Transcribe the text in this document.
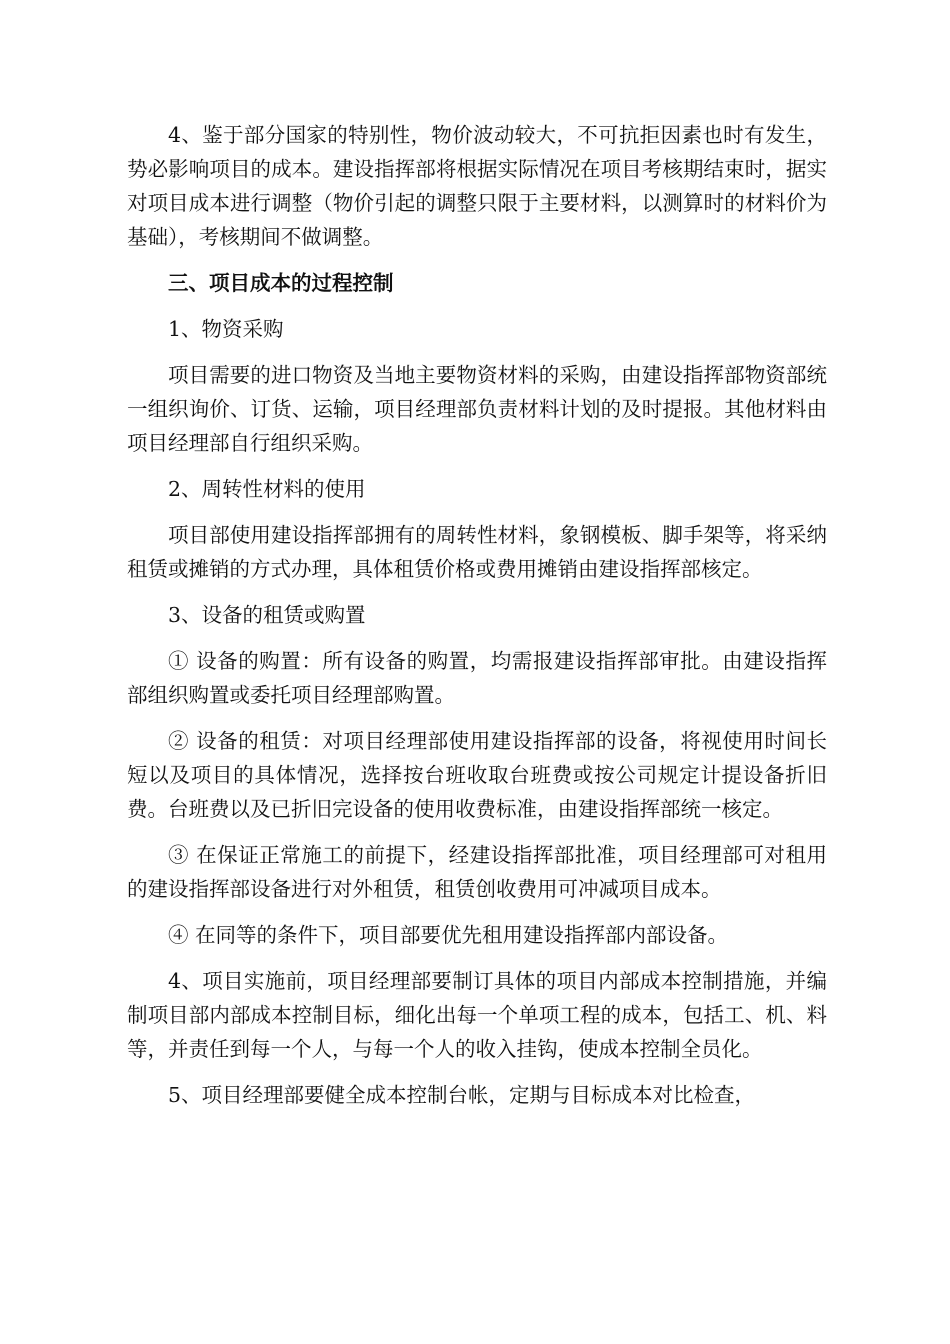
4、鉴于部分国家的特别性，物价波动较大，不可抗拒因素也时有发生，势必影响项目的成本。建设指挥部将根据实际情况在项目考核期结束时，据实对项目成本进行调整（物价引起的调整只限于主要材料，以测算时的材料价为基础），考核期间不做调整。

三、项目成本的过程控制

1、物资采购

项目需要的进口物资及当地主要物资材料的采购，由建设指挥部物资部统一组织询价、订货、运输，项目经理部负责材料计划的及时提报。其他材料由项目经理部自行组织采购。

2、周转性材料的使用

项目部使用建设指挥部拥有的周转性材料，象钢模板、脚手架等，将采纳租赁或摊销的方式办理，具体租赁价格或费用摊销由建设指挥部核定。

3、设备的租赁或购置

① 设备的购置：所有设备的购置，均需报建设指挥部审批。由建设指挥部组织购置或委托项目经理部购置。

② 设备的租赁：对项目经理部使用建设指挥部的设备，将视使用时间长短以及项目的具体情况，选择按台班收取台班费或按公司规定计提设备折旧费。台班费以及已折旧完设备的使用收费标准，由建设指挥部统一核定。

③ 在保证正常施工的前提下，经建设指挥部批准，项目经理部可对租用的建设指挥部设备进行对外租赁，租赁创收费用可冲减项目成本。

④ 在同等的条件下，项目部要优先租用建设指挥部内部设备。

4、项目实施前，项目经理部要制订具体的项目内部成本控制措施，并编制项目部内部成本控制目标，细化出每一个单项工程的成本，包括工、机、料等，并责任到每一个人，与每一个人的收入挂钩，使成本控制全员化。

5、项目经理部要健全成本控制台帐，定期与目标成本对比检查，
